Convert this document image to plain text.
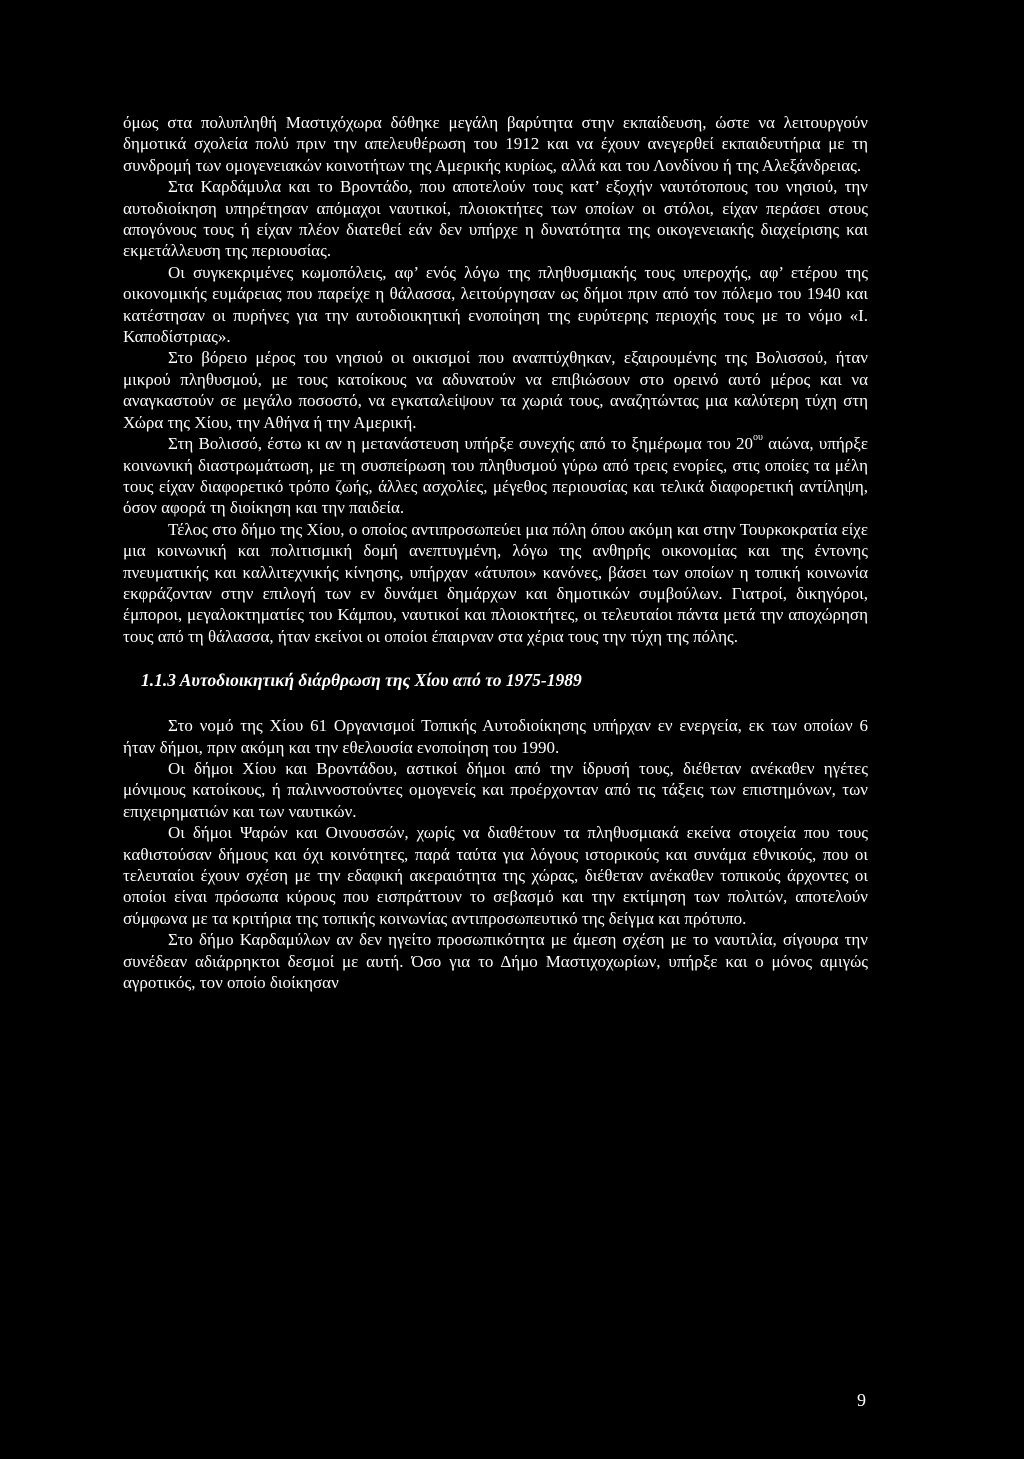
όμως στα πολυπληθή Μαστιχόχωρα δόθηκε μεγάλη βαρύτητα στην εκπαίδευση, ώστε να λειτουργούν δημοτικά σχολεία πολύ πριν την απελευθέρωση του 1912 και να έχουν ανεγερθεί εκπαιδευτήρια με τη συνδρομή των ομογενειακών κοινοτήτων της Αμερικής κυρίως, αλλά και του Λονδίνου ή της Αλεξάνδρειας.

Στα Καρδάμυλα και το Βροντάδο, που αποτελούν τους κατ’ εξοχήν ναυτότοπους του νησιού, την αυτοδιοίκηση υπηρέτησαν απόμαχοι ναυτικοί, πλοιοκτήτες των οποίων οι στόλοι, είχαν περάσει στους απογόνους τους ή είχαν πλέον διατεθεί εάν δεν υπήρχε η δυνατότητα της οικογενειακής διαχείρισης και εκμετάλλευση της περιουσίας.

Οι συγκεκριμένες κωμοπόλεις, αφ’ ενός λόγω της πληθυσμιακής τους υπεροχής, αφ’ ετέρου της οικονομικής ευμάρειας που παρείχε η θάλασσα, λειτούργησαν ως δήμοι πριν από τον πόλεμο του 1940 και κατέστησαν οι πυρήνες για την αυτοδιοικητική ενοποίηση της ευρύτερης περιοχής τους με το νόμο «Ι. Καποδίστριας».

Στο βόρειο μέρος του νησιού οι οικισμοί που αναπτύχθηκαν, εξαιρουμένης της Βολισσού, ήταν μικρού πληθυσμού, με τους κατοίκους να αδυνατούν να επιβιώσουν στο ορεινό αυτό μέρος και να αναγκαστούν σε μεγάλο ποσοστό, να εγκαταλείψουν τα χωριά τους, αναζητώντας μια καλύτερη τύχη στη Χώρα της Χίου, την Αθήνα ή την Αμερική.

Στη Βολισσό, έστω κι αν η μετανάστευση υπήρξε συνεχής από το ξημέρωμα του $20^{o\upsilon}$ αιώνα, υπήρξε κοινωνική διαστρωμάτωση, με τη συσπείρωση του πληθυσμού γύρω από τρεις ενορίες, στις οποίες τα μέλη τους είχαν διαφορετικό τρόπο ζωής, άλλες ασχολίες, μέγεθος περιουσίας και τελικά διαφορετική αντίληψη, όσον αφορά τη διοίκηση και την παιδεία.

Τέλος στο δήμο της Χίου, ο οποίος αντιπροσωπεύει μια πόλη όπου ακόμη και στην Τουρκοκρατία είχε μια κοινωνική και πολιτισμική δομή ανεπτυγμένη, λόγω της ανθηρής οικονομίας και της έντονης πνευματικής και καλλιτεχνικής κίνησης, υπήρχαν «άτυποι» κανόνες, βάσει των οποίων η τοπική κοινωνία εκφράζονταν στην επιλογή των εν δυνάμει δημάρχων και δημοτικών συμβούλων. Γιατροί, δικηγόροι, έμποροι, μεγαλοκτηματίες του Κάμπου, ναυτικοί και πλοιοκτήτες, οι τελευταίοι πάντα μετά την αποχώρηση τους από τη θάλασσα, ήταν εκείνοι οι οποίοι έπαιρναν στα χέρια τους την τύχη της πόλης.

1.1.3 Αυτοδιοικητική διάρθρωση της Χίου από το 1975-1989

Στο νομό της Χίου 61 Οργανισμοί Τοπικής Αυτοδιοίκησης υπήρχαν εν ενεργεία, εκ των οποίων 6 ήταν δήμοι, πριν ακόμη και την εθελουσία ενοποίηση του 1990.

Οι δήμοι Χίου και Βροντάδου, αστικοί δήμοι από την ίδρυσή τους, διέθεταν ανέκαθεν ηγέτες μόνιμους κατοίκους, ή παλιννοστούντες ομογενείς και προέρχονταν από τις τάξεις των επιστημόνων, των επιχειρηματιών και των ναυτικών.

Οι δήμοι Ψαρών και Οινουσσών, χωρίς να διαθέτουν τα πληθυσμιακά εκείνα στοιχεία που τους καθιστούσαν δήμους και όχι κοινότητες, παρά ταύτα για λόγους ιστορικούς και συνάμα εθνικούς, που οι τελευταίοι έχουν σχέση με την εδαφική ακεραιότητα της χώρας, διέθεταν ανέκαθεν τοπικούς άρχοντες οι οποίοι είναι πρόσωπα κύρους που εισπράττουν το σεβασμό και την εκτίμηση των πολιτών, αποτελούν σύμφωνα με τα κριτήρια της τοπικής κοινωνίας αντιπροσωπευτικό της δείγμα και πρότυπο.

Στο δήμο Καρδαμύλων αν δεν ηγείτο προσωπικότητα με άμεση σχέση με το ναυτιλία, σίγουρα την συνέδεαν αδιάρρηκτοι δεσμοί με αυτή. Όσο για το Δήμο Μαστιχοχωρίων, υπήρξε και ο μόνος αμιγώς αγροτικός, τον οποίο διοίκησαν

9
